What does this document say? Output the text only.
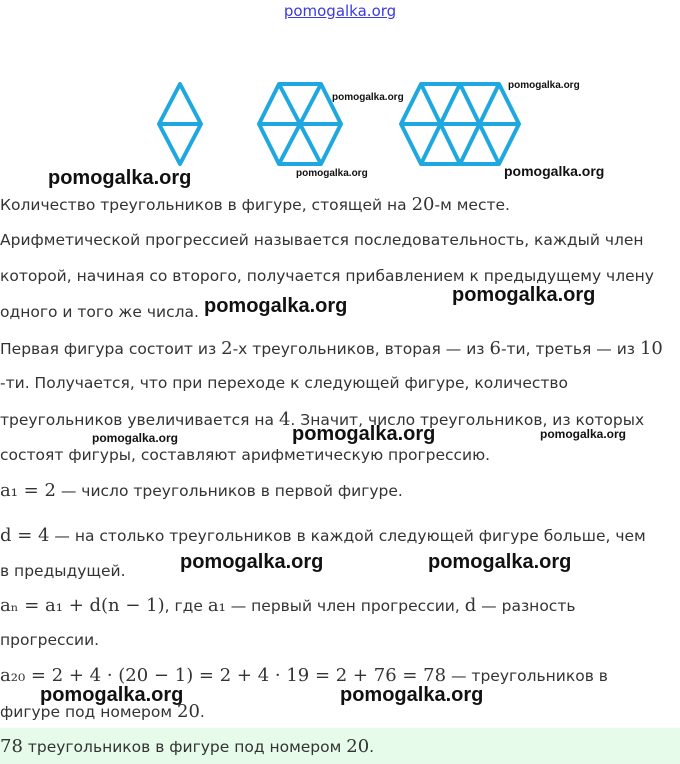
pomogalka.org
pomogalka.org
pomogalka.org
pomogalka.org
pomogalka.org	pomogalka.org
pomogalka.org	pomogalka.org
pomogalka.org	pomogalka.org	pomogalka.org
pomogalka.org	pomogalka.org
pomogalka.org	pomogalka.org
Количество треугольников в фигуре, стоящей на 20-м месте.
Арифметической прогрессией называется последовательность, каждый член
которой, начиная со второго, получается прибавлением к предыдущему члену
одного и того же числа.
Первая фигура состоит из 2-х треугольников, вторая — из 6-ти, третья — из 10
-ти. Получается, что при переходе к следующей фигуре, количество
треугольников увеличивается на 4. Значит, число треугольников, из которых
состоят фигуры, составляют арифметическую прогрессию.
a₁ = 2 — число треугольников в первой фигуре.
d = 4 — на столько треугольников в каждой следующей фигуре больше, чем
в предыдущей.
aₙ = a₁ + d(n − 1), где a₁ — первый член прогрессии, d — разность
прогрессии.
a₂₀ = 2 + 4 · (20 − 1) = 2 + 4 · 19 = 2 + 76 = 78 — треугольников в
фигуре под номером 20.
78 треугольников в фигуре под номером 20.
